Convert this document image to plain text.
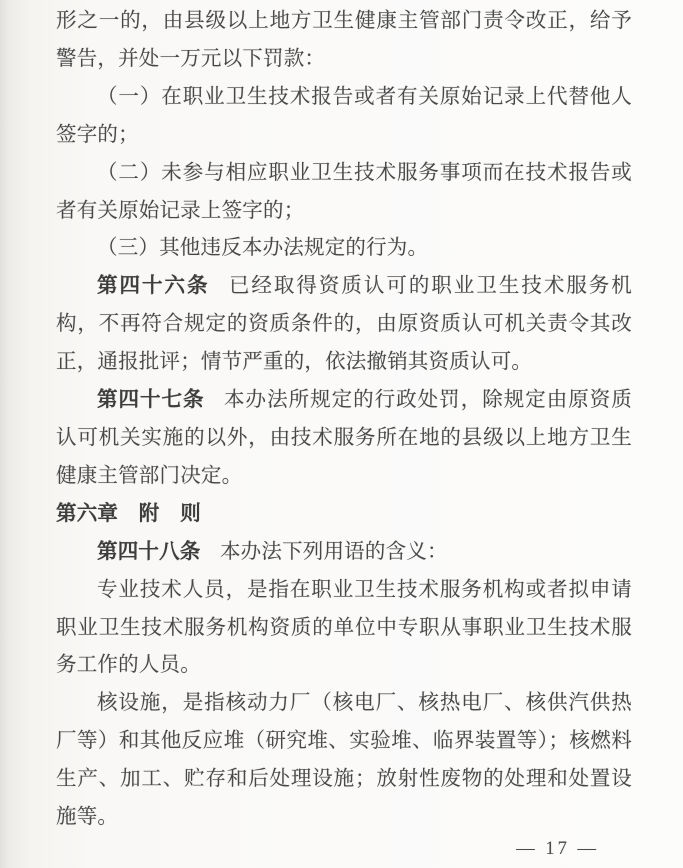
形之一的，由县级以上地方卫生健康主管部门责令改正，给予警告，并处一万元以下罚款：

（一）在职业卫生技术报告或者有关原始记录上代替他人签字的；

（二）未参与相应职业卫生技术服务事项而在技术报告或者有关原始记录上签字的；

（三）其他违反本办法规定的行为。

第四十六条 已经取得资质认可的职业卫生技术服务机构，不再符合规定的资质条件的，由原资质认可机关责令其改正，通报批评；情节严重的，依法撤销其资质认可。

第四十七条 本办法所规定的行政处罚，除规定由原资质认可机关实施的以外，由技术服务所在地的县级以上地方卫生健康主管部门决定。

第六章　附　则

第四十八条 本办法下列用语的含义：

专业技术人员，是指在职业卫生技术服务机构或者拟申请职业卫生技术服务机构资质的单位中专职从事职业卫生技术服务工作的人员。

核设施，是指核动力厂（核电厂、核热电厂、核供汽供热厂等）和其他反应堆（研究堆、实验堆、临界装置等）；核燃料生产、加工、贮存和后处理设施；放射性废物的处理和处置设施等。

— 17 —
